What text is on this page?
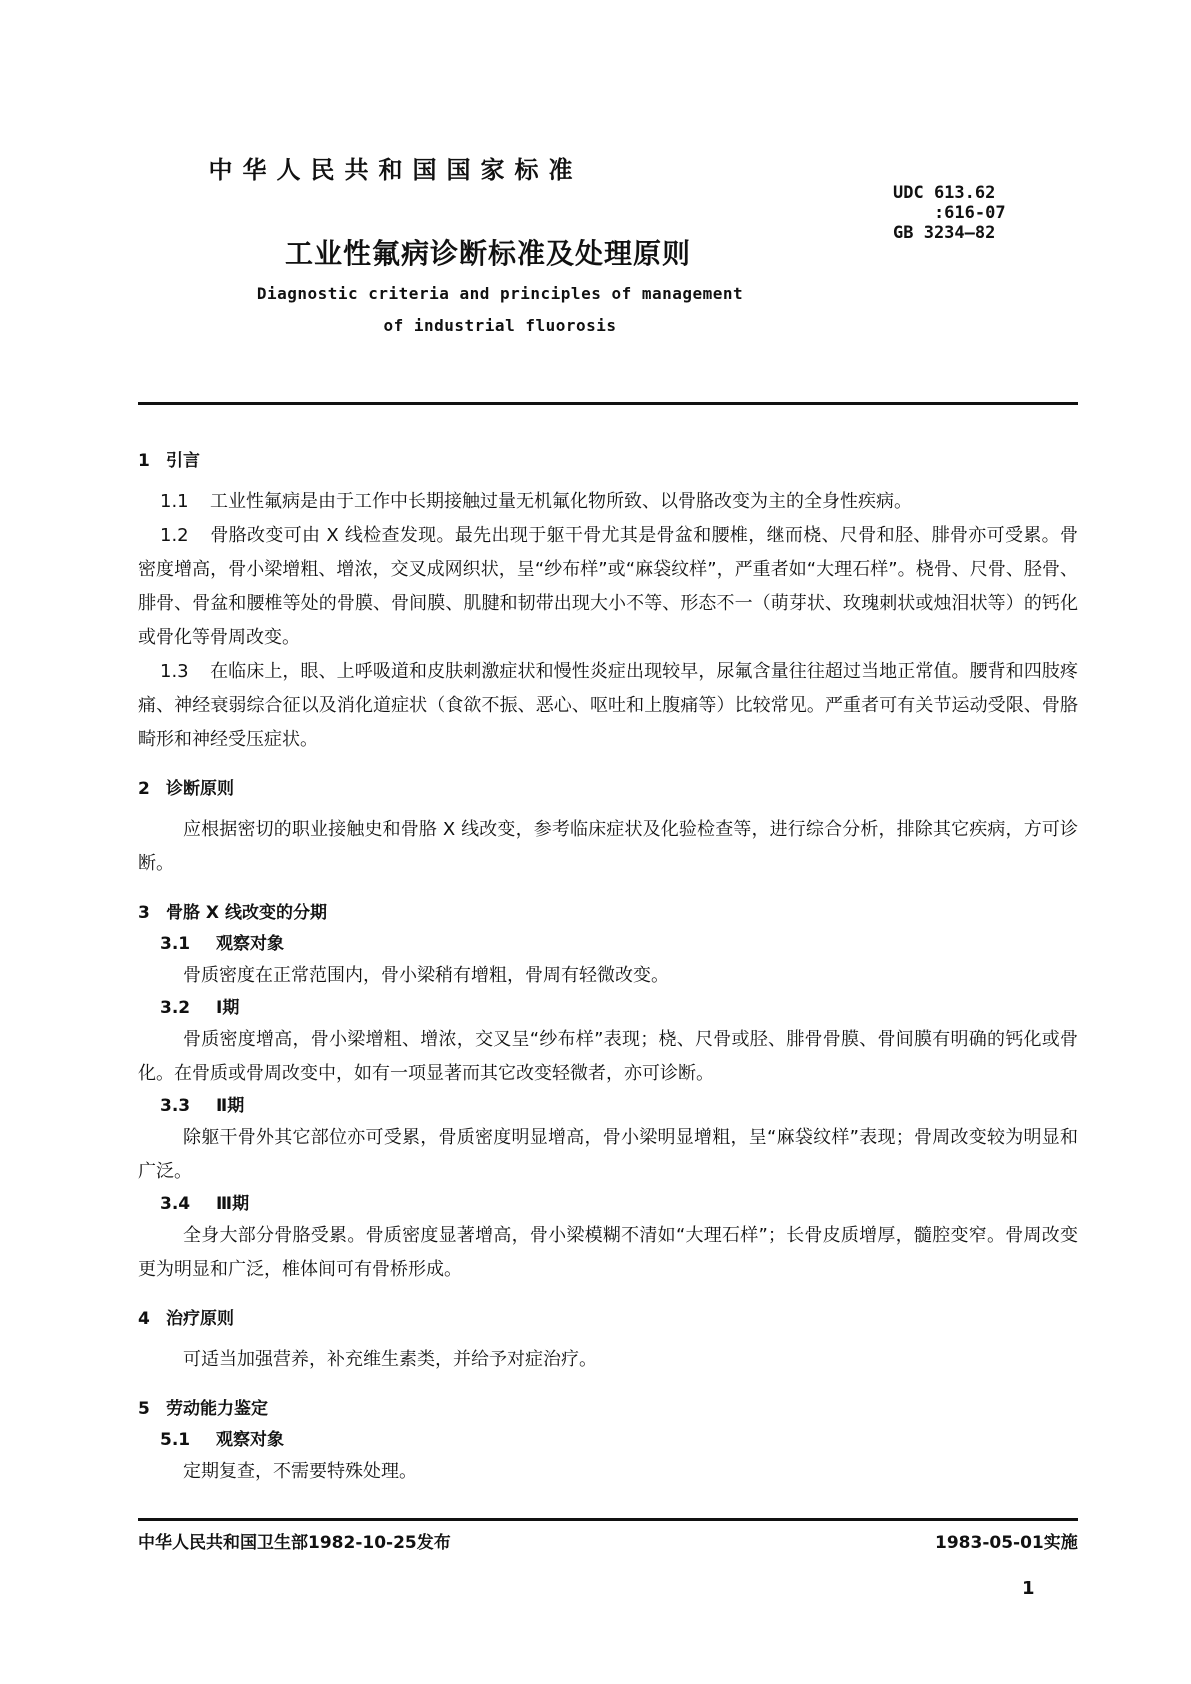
中华人民共和国国家标准
UDC 613.62
:616-07
GB 3234—82
工业性氟病诊断标准及处理原则
Diagnostic criteria and principles of management
of industrial fluorosis
1 引言

1.1 工业性氟病是由于工作中长期接触过量无机氟化物所致、以骨胳改变为主的全身性疾病。

1.2 骨胳改变可由 X 线检查发现。最先出现于躯干骨尤其是骨盆和腰椎，继而桡、尺骨和胫、腓骨亦可受累。骨密度增高，骨小梁增粗、增浓，交叉成网织状，呈“纱布样”或“麻袋纹样”，严重者如“大理石样”。桡骨、尺骨、胫骨、腓骨、骨盆和腰椎等处的骨膜、骨间膜、肌腱和韧带出现大小不等、形态不一（萌芽状、玫瑰刺状或烛泪状等）的钙化或骨化等骨周改变。

1.3 在临床上，眼、上呼吸道和皮肤刺激症状和慢性炎症出现较早，尿氟含量往往超过当地正常值。腰背和四肢疼痛、神经衰弱综合征以及消化道症状（食欲不振、恶心、呕吐和上腹痛等）比较常见。严重者可有关节运动受限、骨胳畸形和神经受压症状。

2 诊断原则

应根据密切的职业接触史和骨胳 X 线改变，参考临床症状及化验检查等，进行综合分析，排除其它疾病，方可诊断。

3 骨胳 X 线改变的分期
3.1 观察对象
骨质密度在正常范围内，骨小梁稍有增粗，骨周有轻微改变。
3.2 Ⅰ期

骨质密度增高，骨小梁增粗、增浓，交叉呈“纱布样”表现；桡、尺骨或胫、腓骨骨膜、骨间膜有明确的钙化或骨化。在骨质或骨周改变中，如有一项显著而其它改变轻微者，亦可诊断。

3.3 Ⅱ期

除躯干骨外其它部位亦可受累，骨质密度明显增高，骨小梁明显增粗，呈“麻袋纹样”表现；骨周改变较为明显和广泛。

3.4 Ⅲ期

全身大部分骨胳受累。骨质密度显著增高，骨小梁模糊不清如“大理石样”；长骨皮质增厚，髓腔变窄。骨周改变更为明显和广泛，椎体间可有骨桥形成。

4 治疗原则
可适当加强营养，补充维生素类，并给予对症治疗。
5 劳动能力鉴定
5.1 观察对象
定期复查，不需要特殊处理。
中华人民共和国卫生部1982-10-25发布	1983-05-01实施
1
